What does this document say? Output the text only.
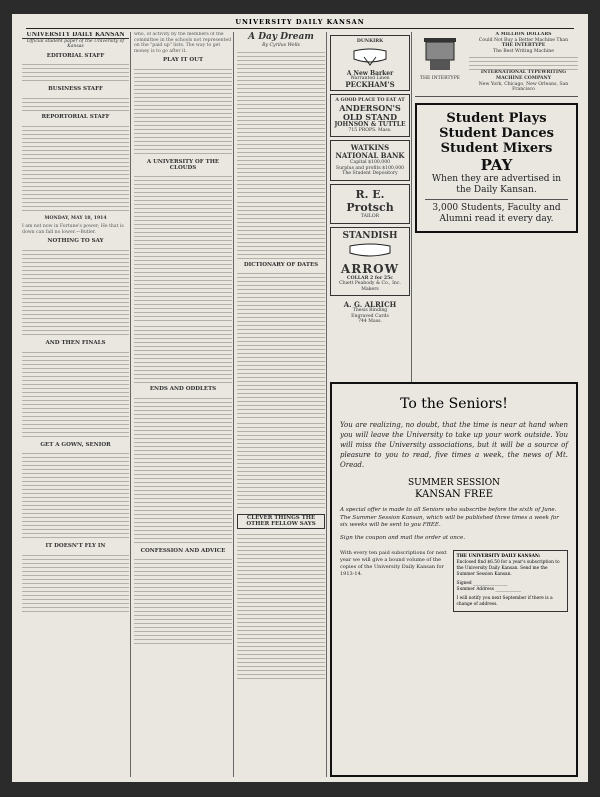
UNIVERSITY DAILY KANSAN
UNIVERSITY DAILY KANSAN
Official student paper of the University of Kansas
EDITORIAL STAFF
BUSINESS STAFF
REPORTORIAL STAFF
MONDAY, MAY 18, 1914
I am not now in Fortune's power; He that is down can fall no lower.—Butler.
NOTHING TO SAY
AND THEN FINALS
GET A GOWN, SENIOR
IT DOESN'T FLY IN
who, of activity by the members of the committee in the schools not represented on the "paid up" lists. The way to get money is to go after it.
PLAY IT OUT
A UNIVERSITY OF THE CLOUDS
ENDS AND ODDLETS
CONFESSION AND ADVICE
A Day Dream
By Cyrilus Wells
DICTIONARY OF DATES
CLEVER THINGS THE OTHER FELLOW SAYS
DUNKIRK
A New Barker
Warranted Linen
PECKHAM'S
A GOOD PLACE TO EAT AT
ANDERSON'S OLD STAND
JOHNSON & TUTTLE
715 PROPS. Mass.
WATKINS NATIONAL BANK
Capital $100,000
Surplus and profits $100,000
The Student Depository
R. E. Protsch
TAILOR
STANDISH
ARROW
COLLAR 2 for 25c
Cluett Peabody & Co., Inc. Makers
A. G. ALRICH
Thesis Binding
Engraved Cards
744 Mass.
THE INTERTYPE
A MILLION DOLLARS
Could Not Buy a Better Machine Than
THE INTERTYPE
The Best Writing Machine
INTERNATIONAL TYPEWRITING MACHINE COMPANY
New York, Chicago, New Orleans, San Francisco
Student Plays
Student Dances
Student Mixers
PAY
When they are advertised in the Daily Kansan.
3,000 Students, Faculty and Alumni read it every day.
To the Seniors!
You are realizing, no doubt, that the time is near at hand when you will leave the University to take up your work outside. You will miss the University associations, but it will be a source of pleasure to you to read, five times a week, the news of Mt. Oread.
SUMMER SESSION
KANSAN FREE
A special offer is made to all Seniors who subscribe before the sixth of June. The Summer Session Kansan, which will be published three times a week for six weeks will be sent to you FREE.
Sign the coupon and mail the order at once.
With every ten paid subscriptions for next year we will give a bound volume of the copies of the University Daily Kansan for 1913-14.
THE UNIVERSITY DAILY KANSAN:
Enclosed find $6.50 for a year's subscription to the University Daily Kansan. Send me the Summer Session Kansan.
Signed ________________
Summer Address ____________
I will notify you next September if there is a change of address.
